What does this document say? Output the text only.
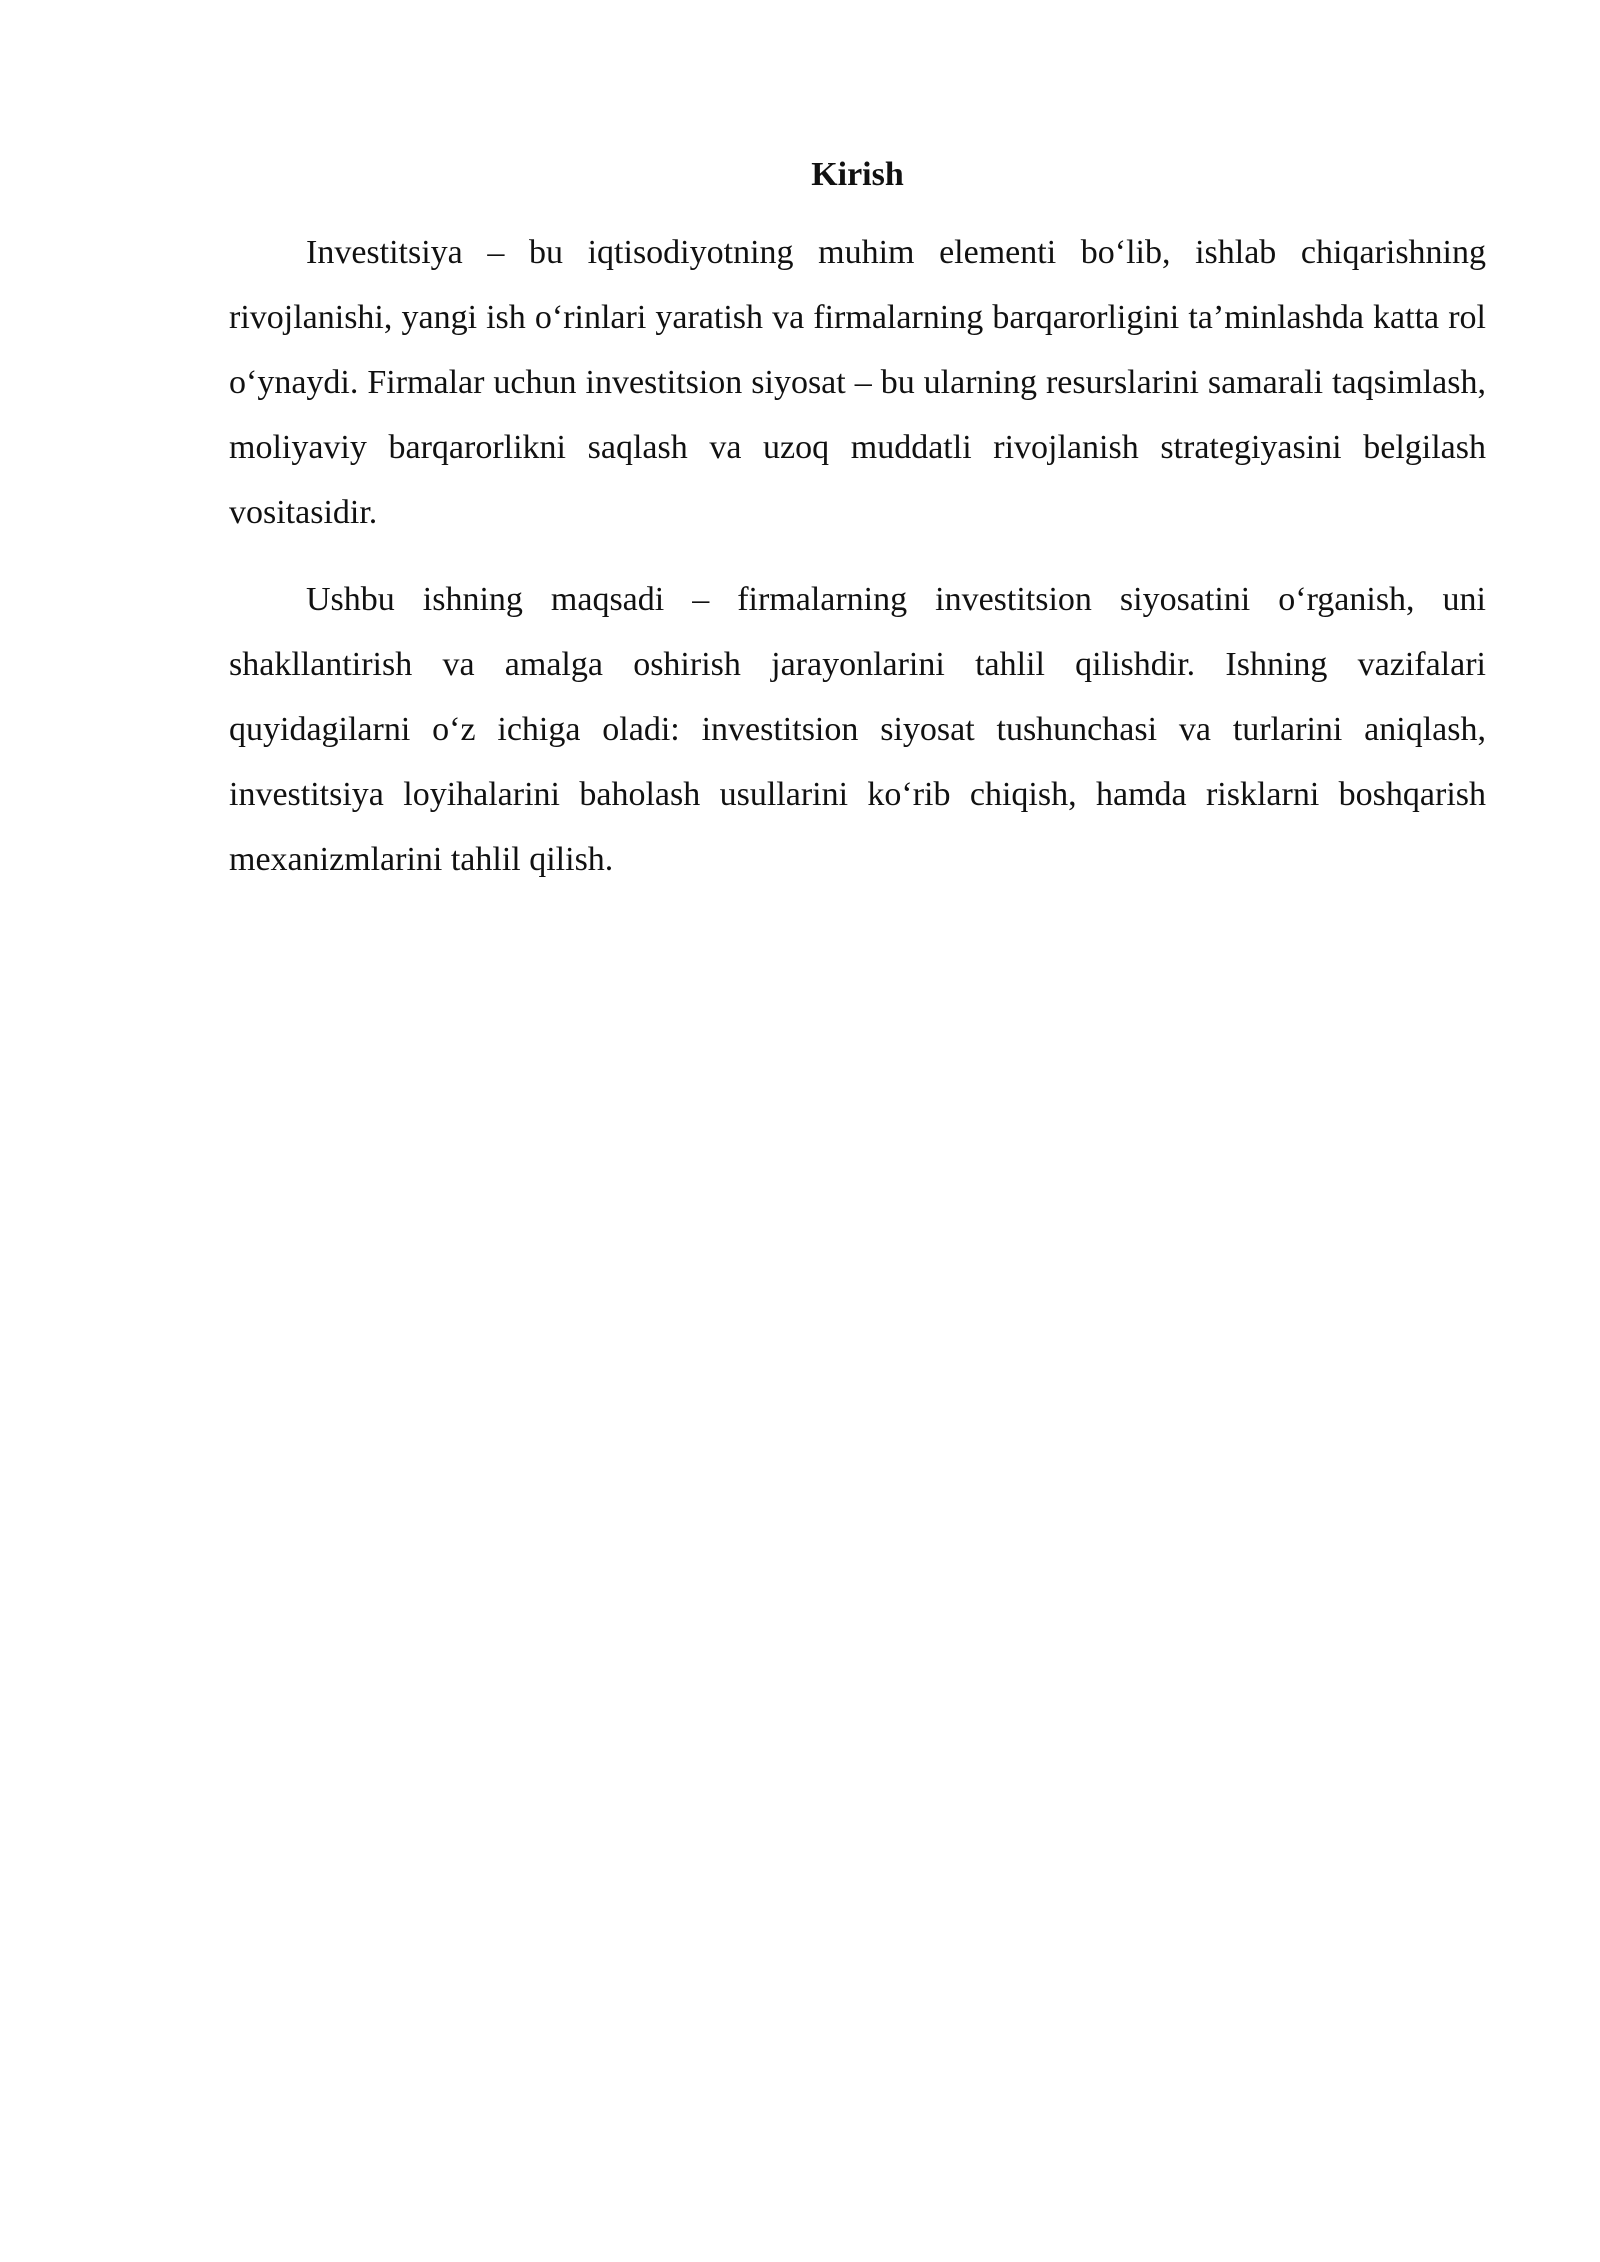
Kirish

Investitsiya – bu iqtisodiyotning muhim elementi bo‘lib, ishlab chiqarishning rivojlanishi, yangi ish o‘rinlari yaratish va firmalarning barqarorligini ta’minlashda katta rol o‘ynaydi. Firmalar uchun investitsion siyosat – bu ularning resurslarini samarali taqsimlash, moliyaviy barqarorlikni saqlash va uzoq muddatli rivojlanish strategiyasini belgilash vositasidir.

Ushbu ishning maqsadi – firmalarning investitsion siyosatini o‘rganish, uni shakllantirish va amalga oshirish jarayonlarini tahlil qilishdir. Ishning vazifalari quyidagilarni o‘z ichiga oladi: investitsion siyosat tushunchasi va turlarini aniqlash, investitsiya loyihalarini baholash usullarini ko‘rib chiqish, hamda risklarni boshqarish mexanizmlarini tahlil qilish.
